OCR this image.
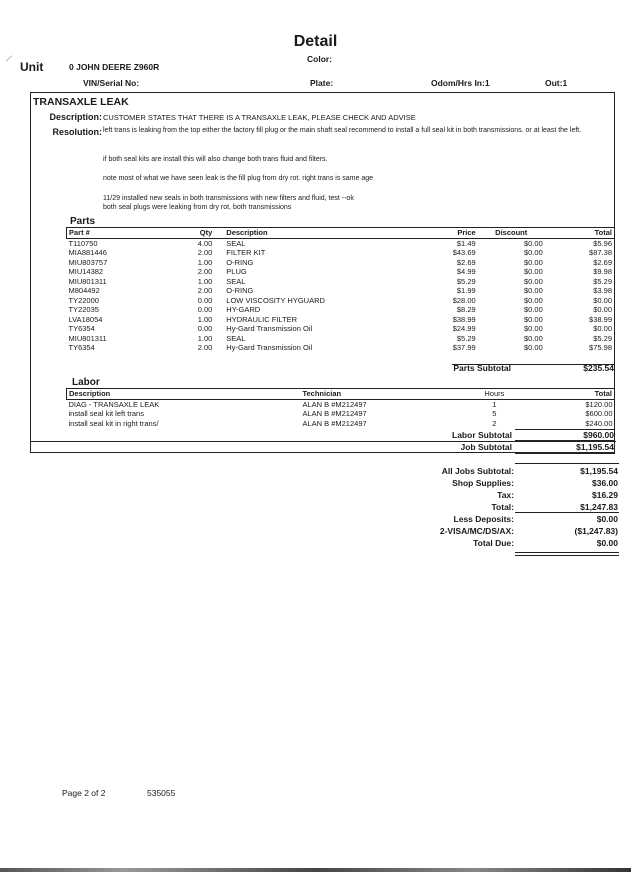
Detail
Unit	0 JOHN DEERE Z960R
Color:
VIN/Serial No:	Plate:	Odom/Hrs In:1	Out:1
TRANSAXLE LEAK
Description: CUSTOMER STATES THAT THERE IS A TRANSAXLE LEAK, PLEASE CHECK AND ADVISE
Resolution: left trans is leaking from the top either the factory fill plug or the main shaft seal recommend to install a full seal kit in both transmissions. or at least the left.
if both seal kits are install this will also change both trans fluid and filters.
note most of what we have seen leak is the fill plug from dry rot. right trans is same age
11/29 installed new seals in both transmissions with new filters and fluid, test --ok
both seal plugs were leaking from dry rot, both transmissions
Parts
Part #	Qty	Description	Price	Discount	Total
T110750	4.00	SEAL	$1.49	$0.00	$5.96
MIA881446	2.00	FILTER KIT	$43.69	$0.00	$87.38
MIU803757	1.00	O-RING	$2.69	$0.00	$2.69
MIU14382	2.00	PLUG	$4.99	$0.00	$9.98
MIU801311	1.00	SEAL	$5.29	$0.00	$5.29
M804492	2.00	O-RING	$1.99	$0.00	$3.98
TY22000	0.00	LOW VISCOSITY HYGUARD	$28.00	$0.00	$0.00
TY22035	0.00	HY-GARD	$8.29	$0.00	$0.00
LVA18054	1.00	HYDRAULIC FILTER	$38.99	$0.00	$38.99
TY6354	0.00	Hy-Gard Transmission Oil	$24.99	$0.00	$0.00
MIU801311	1.00	SEAL	$5.29	$0.00	$5.29
TY6354	2.00	Hy-Gard Transmission Oil	$37.99	$0.00	$75.98
Parts Subtotal	$235.54
Labor
Description	Technician	Hours	Total
DIAG - TRANSAXLE LEAK	ALAN B #M212497	1	$120.00
install seal kit left trans	ALAN B #M212497	5	$600.00
install seal kit in right trans/	ALAN B #M212497	2	$240.00
Labor Subtotal	$960.00
Job Subtotal	$1,195.54
All Jobs Subtotal:	$1,195.54
Shop Supplies:	$36.00
Tax:	$16.29
Total:	$1,247.83
Less Deposits:	$0.00
2-VISA/MC/DS/AX:	($1,247.83)
Total Due:	$0.00
Page 2 of 2	535055
